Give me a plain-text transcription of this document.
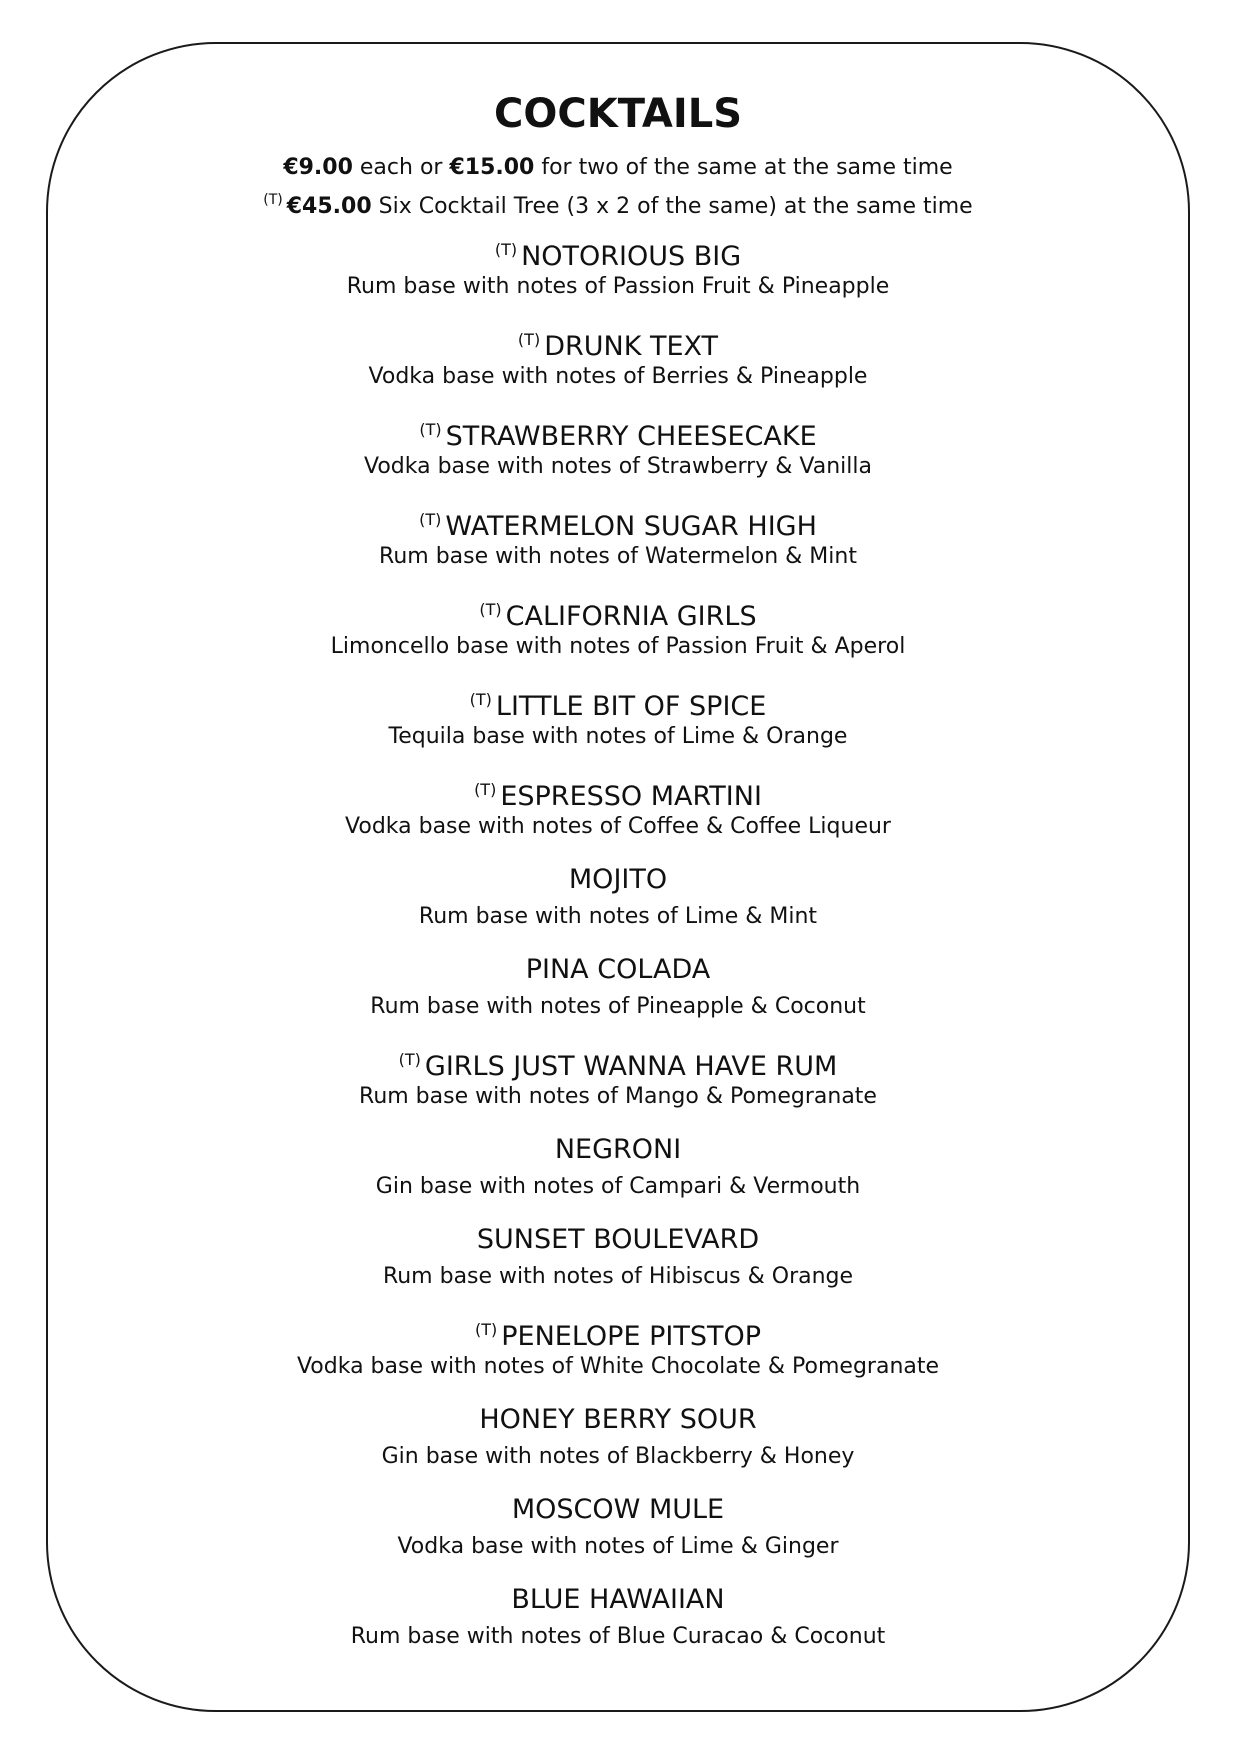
COCKTAILS
€9.00 each or €15.00 for two of the same at the same time
$^{(T)}$ €45.00 Six Cocktail Tree (3 x 2 of the same) at the same time
$^{(T)}$ NOTORIOUS BIG
Rum base with notes of Passion Fruit & Pineapple
$^{(T)}$ DRUNK TEXT
Vodka base with notes of Berries & Pineapple
$^{(T)}$ STRAWBERRY CHEESECAKE
Vodka base with notes of Strawberry & Vanilla
$^{(T)}$ WATERMELON SUGAR HIGH
Rum base with notes of Watermelon & Mint
$^{(T)}$ CALIFORNIA GIRLS
Limoncello base with notes of Passion Fruit & Aperol
$^{(T)}$ LITTLE BIT OF SPICE
Tequila base with notes of Lime & Orange
$^{(T)}$ ESPRESSO MARTINI
Vodka base with notes of Coffee & Coffee Liqueur
MOJITO
Rum base with notes of Lime & Mint
PINA COLADA
Rum base with notes of Pineapple & Coconut
$^{(T)}$ GIRLS JUST WANNA HAVE RUM
Rum base with notes of Mango & Pomegranate
NEGRONI
Gin base with notes of Campari & Vermouth
SUNSET BOULEVARD
Rum base with notes of Hibiscus & Orange
$^{(T)}$ PENELOPE PITSTOP
Vodka base with notes of White Chocolate & Pomegranate
HONEY BERRY SOUR
Gin base with notes of Blackberry & Honey
MOSCOW MULE
Vodka base with notes of Lime & Ginger
BLUE HAWAIIAN
Rum base with notes of Blue Curacao & Coconut
